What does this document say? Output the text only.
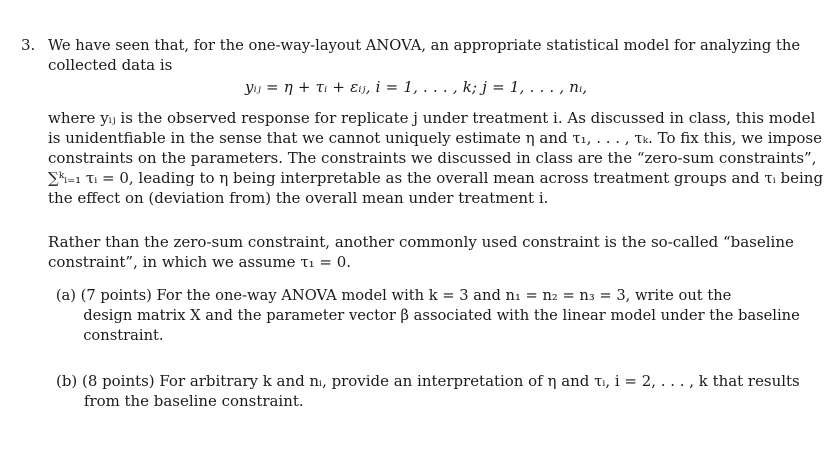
3. We have seen that, for the one-way-layout ANOVA, an appropriate statistical model for analyzing the
collected data is
yᵢⱼ = η + τᵢ + εᵢⱼ, i = 1, . . . , k; j = 1, . . . , nᵢ,
where yᵢⱼ is the observed response for replicate j under treatment i. As discussed in class, this model
is unidentfiable in the sense that we cannot uniquely estimate η and τ₁, . . . , τₖ. To fix this, we impose
constraints on the parameters. The constraints we discussed in class are the “zero-sum constraints”,
∑ᵏᵢ₌₁ τᵢ = 0, leading to η being interpretable as the overall mean across treatment groups and τᵢ being
the effect on (deviation from) the overall mean under treatment i.
Rather than the zero-sum constraint, another commonly used constraint is the so-called “baseline
constraint”, in which we assume τ₁ = 0.
(a) (7 points) For the one-way ANOVA model with k = 3 and n₁ = n₂ = n₃ = 3, write out the
design matrix X and the parameter vector β associated with the linear model under the baseline
constraint.
(b) (8 points) For arbitrary k and nᵢ, provide an interpretation of η and τᵢ, i = 2, . . . , k that results
from the baseline constraint.
